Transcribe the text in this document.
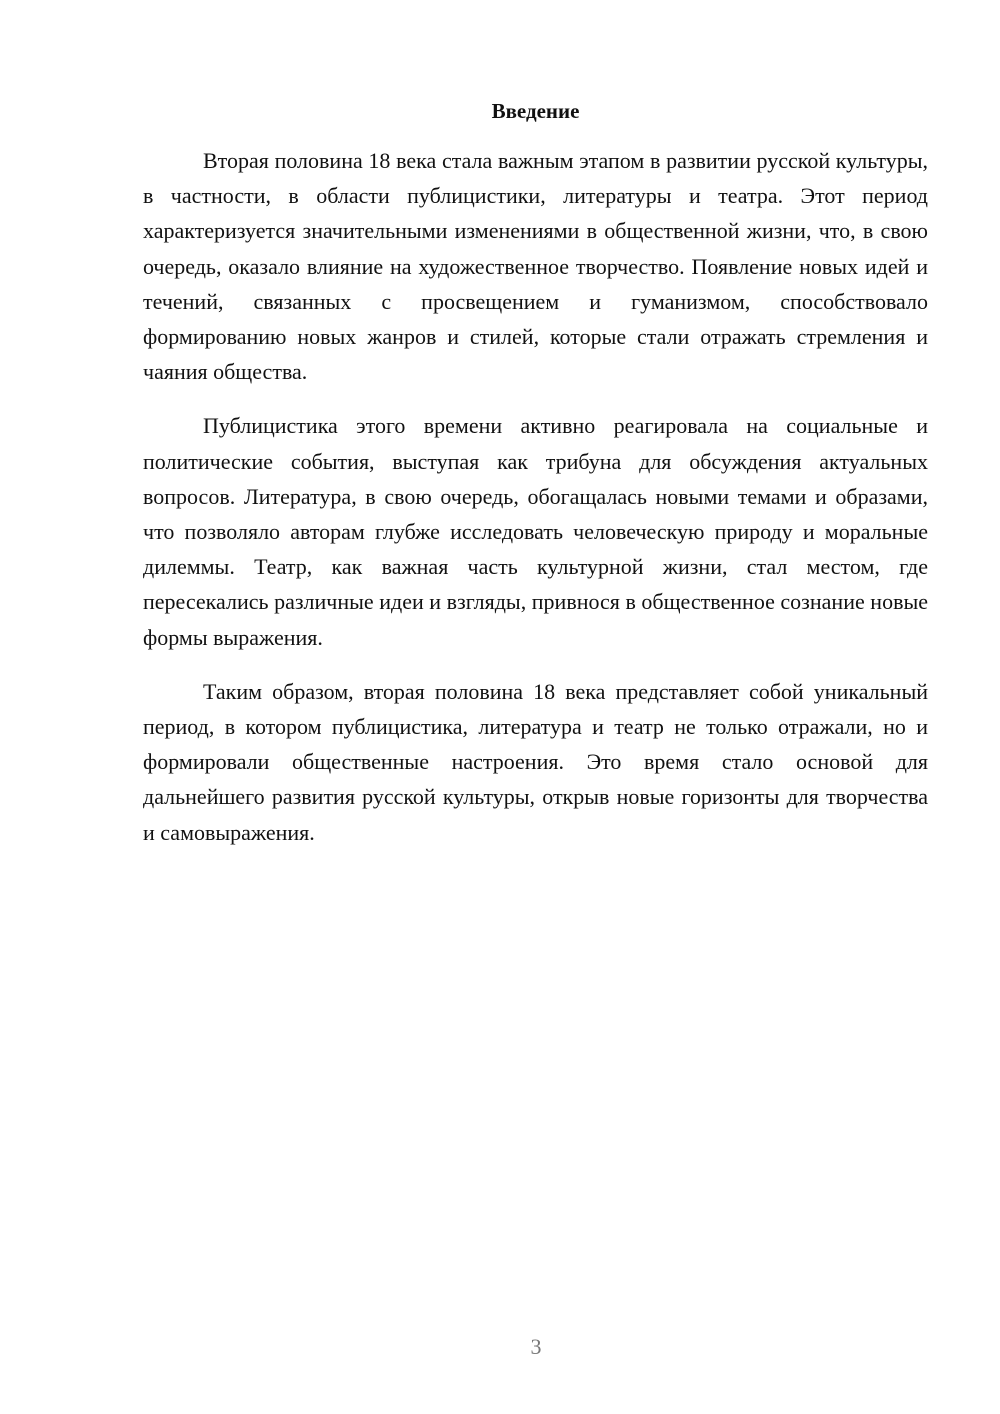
Введение

Вторая половина 18 века стала важным этапом в развитии русской культуры, в частности, в области публицистики, литературы и театра. Этот период характеризуется значительными изменениями в общественной жизни, что, в свою очередь, оказало влияние на художественное творчество. Появление новых идей и течений, связанных с просвещением и гуманизмом, способствовало формированию новых жанров и стилей, которые стали отражать стремления и чаяния общества.

Публицистика этого времени активно реагировала на социальные и политические события, выступая как трибуна для обсуждения актуальных вопросов. Литература, в свою очередь, обогащалась новыми темами и образами, что позволяло авторам глубже исследовать человеческую природу и моральные дилеммы. Театр, как важная часть культурной жизни, стал местом, где пересекались различные идеи и взгляды, привнося в общественное сознание новые формы выражения.

Таким образом, вторая половина 18 века представляет собой уникальный период, в котором публицистика, литература и театр не только отражали, но и формировали общественные настроения. Это время стало основой для дальнейшего развития русской культуры, открыв новые горизонты для творчества и самовыражения.

3
